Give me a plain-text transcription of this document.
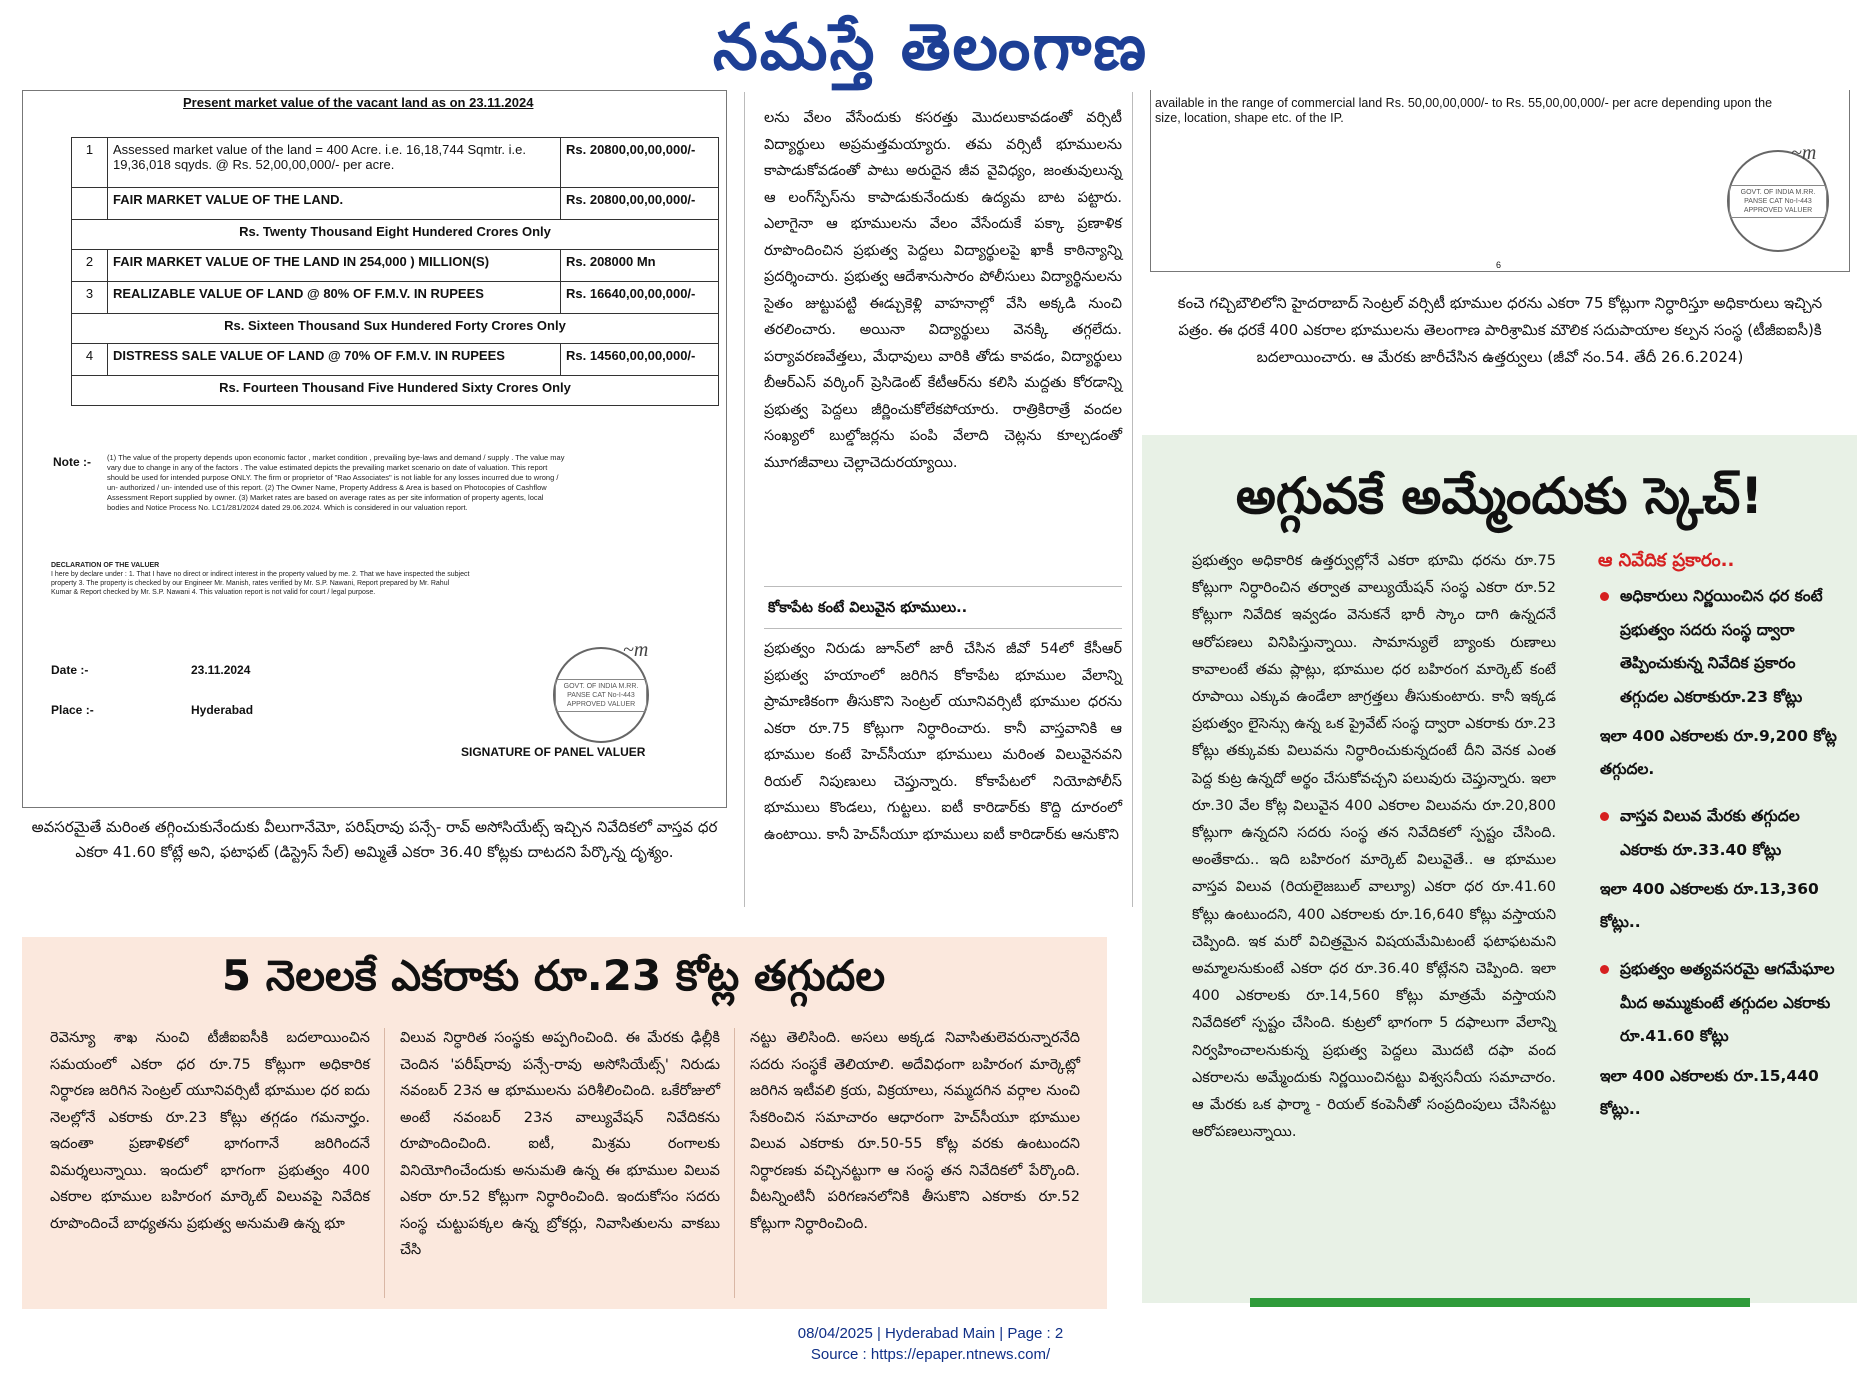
నమస్తే తెలంగాణ
Present market value of the vacant land as on 23.11.2024
1	Assessed market value of the land = 400 Acre. i.e. 16,18,744 Sqmtr. i.e. 19,36,018 sqyds. @ Rs. 52,00,00,000/- per acre.	Rs. 20800,00,00,000/-
	FAIR MARKET VALUE OF THE LAND.	Rs. 20800,00,00,000/-
Rs. Twenty Thousand Eight Hundered Crores Only		
2	FAIR MARKET VALUE OF THE LAND IN 254,000 ) MILLION(S)	Rs. 208000 Mn
3	REALIZABLE VALUE OF LAND @ 80% OF F.M.V. IN RUPEES	Rs. 16640,00,00,000/-
Rs. Sixteen Thousand Sux Hundered Forty Crores Only		
4	DISTRESS SALE VALUE OF LAND @ 70% OF F.M.V. IN RUPEES	Rs. 14560,00,00,000/-
Rs. Fourteen Thousand Five Hundered Sixty Crores Only		
Note :- (1) The value of the property depends upon economic factor , market condition , prevailing bye-laws and demand / supply . The value may vary due to change in any of the factors . The value estimated depicts the prevailing market scenario on date of valuation. This report should be used for intended purpose ONLY. The firm or proprietor of "Rao Associates" is not liable for any losses incurred due to wrong / un- authorized / un- intended use of this report. (2) The Owner Name, Property Address & Area is based on Photocopies of Cashflow Assessment Report supplied by owner. (3) Market rates are based on average rates as per site information of property agents, local bodies and Notice Process No. LC1/281/2024 dated 29.06.2024. Which is considered in our valuation report.
DECLARATION OF THE VALUER
I here by declare under : 1. That I have no direct or indirect interest in the property valued by me. 2. That we have inspected the subject property 3. The property is checked by our Engineer Mr. Manish, rates verified by Mr. S.P. Nawani, Report prepared by Mr. Rahul Kumar & Report checked by Mr. S.P. Nawani 4. This valuation report is not valid for court / legal purpose.
Date :-	23.11.2024
Place :-	Hyderabad
GOVT. OF INDIA M.RR. PANSE CAT No-I-443 APPROVED VALUER
~m
SIGNATURE OF PANEL VALUER
అవసరమైతే మరింత తగ్గించుకునేందుకు వీలుగానేమో, పరిష్‌రావు పన్సే- రావ్ అసోసియేట్స్ ఇచ్చిన నివేదికలో వాస్తవ ధర ఎకరా 41.60 కోట్లే అని, ఫటాఫట్ (డిస్ట్రెస్ సేల్) అమ్మితే ఎకరా 36.40 కోట్లకు దాటదని పేర్కొన్న దృశ్యం.
లను వేలం వేసేందుకు కసరత్తు మొదలుకావడంతో వర్సిటీ విద్యార్థులు అప్రమత్తమయ్యారు. తమ వర్సిటీ భూములను కాపాడుకోవడంతో పాటు అరుదైన జీవ వైవిధ్యం, జంతువులున్న ఆ లంగ్‌స్పేస్‌ను కాపాడుకునేందుకు ఉద్యమ బాట పట్టారు. ఎలాగైనా ఆ భూములను వేలం వేసేందుకే పక్కా ప్రణాళిక రూపొందించిన ప్రభుత్వ పెద్దలు విద్యార్థులపై ఖాకీ కాఠిన్యాన్ని ప్రదర్శించారు. ప్రభుత్వ ఆదేశానుసారం పోలీసులు విద్యార్థినులను సైతం జుట్టుపట్టి ఈడ్చుకెళ్లి వాహనాల్లో వేసి అక్కడి నుంచి తరలించారు. అయినా విద్యార్థులు వెనక్కి తగ్గలేదు. పర్యావరణవేత్తలు, మేధావులు వారికి తోడు కావడం, విద్యార్థులు బీఆర్‌ఎస్ వర్కింగ్ ప్రెసిడెంట్ కేటీఆర్‌ను కలిసి మద్దతు కోరడాన్ని ప్రభుత్వ పెద్దలు జీర్ణించుకోలేకపోయారు. రాత్రికిరాత్రే వందల సంఖ్యలో బుల్డోజర్లను పంపి వేలాది చెట్లను కూల్చడంతో మూగజీవాలు చెల్లాచెదురయ్యాయి.
కోకాపేట కంటే విలువైన భూములు..
ప్రభుత్వం నిరుడు జూన్‌లో జారీ చేసిన జీవో 54లో కేసీఆర్ ప్రభుత్వ హయాంలో జరిగిన కోకాపేట భూముల వేలాన్ని ప్రామాణికంగా తీసుకొని సెంట్రల్ యూనివర్సిటీ భూముల ధరను ఎకరా రూ.75 కోట్లుగా నిర్ధారించారు. కానీ వాస్తవానికి ఆ భూముల కంటే హెచ్‌సీయూ భూములు మరింత విలువైనవని రియల్ నిపుణులు చెప్తున్నారు. కోకాపేటలో నియోపోలీస్ భూములు కొండలు, గుట్టలు. ఐటీ కారిడార్‌కు కొద్ది దూరంలో ఉంటాయి. కానీ హెచ్‌సీయూ భూములు ఐటీ కారిడార్‌కు ఆనుకొని
available in the range of commercial land Rs. 50,00,00,000/- to Rs. 55,00,00,000/- per acre depending upon the size, location, shape etc. of the IP.
GOVT. OF INDIA M.RR. PANSE CAT No-I-443 APPROVED VALUER
~m
6
కంచె గచ్చిబౌలిలోని హైదరాబాద్ సెంట్రల్ వర్సిటీ భూముల ధరను ఎకరా 75 కోట్లుగా నిర్ధారిస్తూ అధికారులు ఇచ్చిన పత్రం. ఈ ధరకే 400 ఎకరాల భూములను తెలంగాణ పారిశ్రామిక మౌలిక సదుపాయాల కల్పన సంస్థ (టీజీఐఐసీ)కి బదలాయించారు. ఆ మేరకు జారీచేసిన ఉత్తర్వులు (జీవో నం.54. తేదీ 26.6.2024)
అగ్గువకే అమ్మేందుకు స్కెచ్!
ప్రభుత్వం అధికారిక ఉత్తర్వుల్లోనే ఎకరా భూమి ధరను రూ.75 కోట్లుగా నిర్ధారించిన తర్వాత వాల్యుయేషన్ సంస్థ ఎకరా రూ.52 కోట్లుగా నివేదిక ఇవ్వడం వెనుకనే భారీ స్కాం దాగి ఉన్నదనే ఆరోపణలు వినిపిస్తున్నాయి. సామాన్యులే బ్యాంకు రుణాలు కావాలంటే తమ ప్లాట్లు, భూముల ధర బహిరంగ మార్కెట్ కంటే రూపాయి ఎక్కువ ఉండేలా జాగ్రత్తలు తీసుకుంటారు. కానీ ఇక్కడ ప్రభుత్వం లైసెన్సు ఉన్న ఒక ప్రైవేట్ సంస్థ ద్వారా ఎకరాకు రూ.23 కోట్లు తక్కువకు విలువను నిర్ధారించుకున్నదంటే దీని వెనక ఎంత పెద్ద కుట్ర ఉన్నదో అర్థం చేసుకోవచ్చని పలువురు చెప్తున్నారు. ఇలా రూ.30 వేల కోట్ల విలువైన 400 ఎకరాల విలువను రూ.20,800 కోట్లుగా ఉన్నదని సదరు సంస్థ తన నివేదికలో స్పష్టం చేసింది. అంతేకాదు.. ఇది బహిరంగ మార్కెట్ విలువైతే.. ఆ భూముల వాస్తవ విలువ (రియలైజబుల్ వాల్యూ) ఎకరా ధర రూ.41.60 కోట్లు ఉంటుందని, 400 ఎకరాలకు రూ.16,640 కోట్లు వస్తాయని చెప్పింది. ఇక మరో విచిత్రమైన విషయమేమిటంటే ఫటాఫటమని అమ్మాలనుకుంటే ఎకరా ధర రూ.36.40 కోట్లేనని చెప్పింది. ఇలా 400 ఎకరాలకు రూ.14,560 కోట్లు మాత్రమే వస్తాయని నివేదికలో స్పష్టం చేసింది. కుట్రలో భాగంగా 5 దఫాలుగా వేలాన్ని నిర్వహించాలనుకున్న ప్రభుత్వ పెద్దలు మొదటి దఫా వంద ఎకరాలను అమ్మేందుకు నిర్ణయించినట్టు విశ్వసనీయ సమాచారం. ఆ మేరకు ఒక ఫార్మా - రియల్ కంపెనీతో సంప్రదింపులు చేసినట్టు ఆరోపణలున్నాయి.
ఆ నివేదిక ప్రకారం..
అధికారులు నిర్ణయించిన ధర కంటే ప్రభుత్వం సదరు సంస్థ ద్వారా తెప్పించుకున్న నివేదిక ప్రకారం తగ్గుదల ఎకరాకురూ.23 కోట్లు
ఇలా 400 ఎకరాలకు రూ.9,200 కోట్ల తగ్గుదల.
వాస్తవ విలువ మేరకు తగ్గుదల ఎకరాకు రూ.33.40 కోట్లు
ఇలా 400 ఎకరాలకు రూ.13,360 కోట్లు..
ప్రభుత్వం అత్యవసరమై ఆగమేఘాల మీద అమ్ముకుంటే తగ్గుదల ఎకరాకు రూ.41.60 కోట్లు
ఇలా 400 ఎకరాలకు రూ.15,440 కోట్లు..
5 నెలలకే ఎకరాకు రూ.23 కోట్ల తగ్గుదల
రెవెన్యూ శాఖ నుంచి టీజీఐఐసీకి బదలాయించిన సమయంలో ఎకరా ధర రూ.75 కోట్లుగా అధికారిక నిర్ధారణ జరిగిన సెంట్రల్ యూనివర్సిటీ భూముల ధర ఐదు నెలల్లోనే ఎకరాకు రూ.23 కోట్లు తగ్గడం గమనార్హం. ఇదంతా ప్రణాళికలో భాగంగానే జరిగిందనే విమర్శలున్నాయి. ఇందులో భాగంగా ప్రభుత్వం 400 ఎకరాల భూముల బహిరంగ మార్కెట్ విలువపై నివేదిక రూపొందించే బాధ్యతను ప్రభుత్వ అనుమతి ఉన్న భూ
విలువ నిర్ధారిత సంస్థకు అప్పగించింది. ఈ మేరకు ఢిల్లీకి చెందిన 'పరీష్‌రావు పన్సే-రావు అసోసియేట్స్' నిరుడు నవంబర్ 23న ఆ భూములను పరిశీలించింది. ఒకేరోజులో అంటే నవంబర్ 23న వాల్యువేషన్ నివేదికను రూపొందించింది. ఐటీ, మిశ్రమ రంగాలకు వినియోగించేందుకు అనుమతి ఉన్న ఈ భూముల విలువ ఎకరా రూ.52 కోట్లుగా నిర్ధారించింది. ఇందుకోసం సదరు సంస్థ చుట్టుపక్కల ఉన్న బ్రోకర్లు, నివాసితులను వాకబు చేసి
నట్టు తెలిసింది. అసలు అక్కడ నివాసితులెవరున్నారనేది సదరు సంస్థకే తెలియాలి. అదేవిధంగా బహిరంగ మార్కెట్లో జరిగిన ఇటీవలి క్రయ, విక్రయాలు, నమ్మదగిన వర్గాల నుంచి సేకరించిన సమాచారం ఆధారంగా హెచ్‌సీయూ భూముల విలువ ఎకరాకు రూ.50-55 కోట్ల వరకు ఉంటుందని నిర్ధారణకు వచ్చినట్టుగా ఆ సంస్థ తన నివేదికలో పేర్కొంది. వీటన్నింటినీ పరిగణనలోనికి తీసుకొని ఎకరాకు రూ.52 కోట్లుగా నిర్ధారించింది.
08/04/2025 | Hyderabad Main | Page : 2
Source : https://epaper.ntnews.com/
